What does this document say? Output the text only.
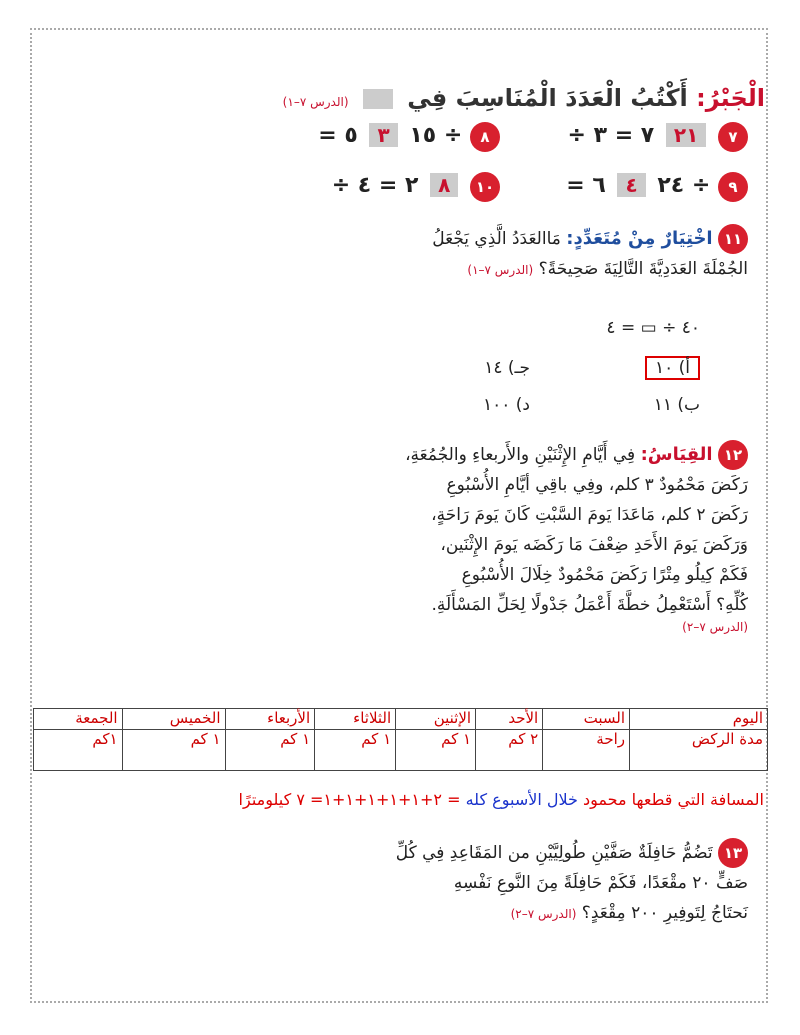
الْجَبْرُ: أَكْتُبُ الْعَدَدَ الْمُنَاسِبَ فِي  (الدرس ٧–١)
٧ ٢١ ٧ = ٣ ÷
٨ ÷ ١٥ ٣ ٥ =
٩ ÷ ٢٤ ٤ ٦ =
١٠ ٨ ٢ = ٤ ÷
١١ اخْتِيَارٌ مِنْ مُتَعَدِّدٍ: مَاالعَدَدُ الَّذِي يَجْعَلُ
الجُمْلَةَ العَدَدِيَّةَ التَّالِيَةَ صَحِيحَةً؟ (الدرس ٧–١)
٤٠ ÷ ▭ = ٤
أ) ١٠
جـ) ١٤
ب) ١١
د) ١٠٠
١٢ القِيَاسُ: فِي أَيَّامِ الإِثْنَيْنِ والأَربعاءِ والجُمُعَةِ،
رَكَضَ مَحْمُودٌ ٣ كلم، وفِي باقِي أيَّامِ الأُسْبُوعِ
رَكَضَ ٢ كلم، مَاعَدَا يَومَ السَّبْتِ كَانَ يَومَ رَاحَةٍ،
وَرَكَضَ يَومَ الأَحَدِ ضِعْفَ مَا رَكَضَه يَومَ الإِثْنَين،
فَكَمْ كِيلُو مِتْرًا رَكَضَ مَحْمُودٌ خِلَالَ الأُسْبُوعِ
كُلِّهِ؟ أَسْتَعْمِلُ خطَّةَ أَعْمَلُ جَدْولًا لِحَلِّ المَسْأَلَةِ.
(الدرس ٧–٢)
اليوم	السبت	الأحد	الإثنين	الثلاثاء	الأربعاء	الخميس	الجمعة
مدة الركض	راحة	٢ كم	١ كم	١ كم	١ كم	١ كم	١كم
المسافة التي قطعها محمود خلال الأسبوع كله = ٢+١+١+١+١+١= ٧ كيلومترًا
١٣ تَضُمُّ حَافِلَةٌ صَفَّيْنِ طُولِيَّيْنِ من المَقَاعِدِ فِي كُلِّ
صَفٍّ ٢٠ مقْعَدًا، فَكَمْ حَافِلَةً مِنَ النَّوعِ نَفْسِهِ
نَحتَاجُ لِتَوفِيرِ ٢٠٠ مِقْعَدٍ؟ (الدرس ٧–٢)
